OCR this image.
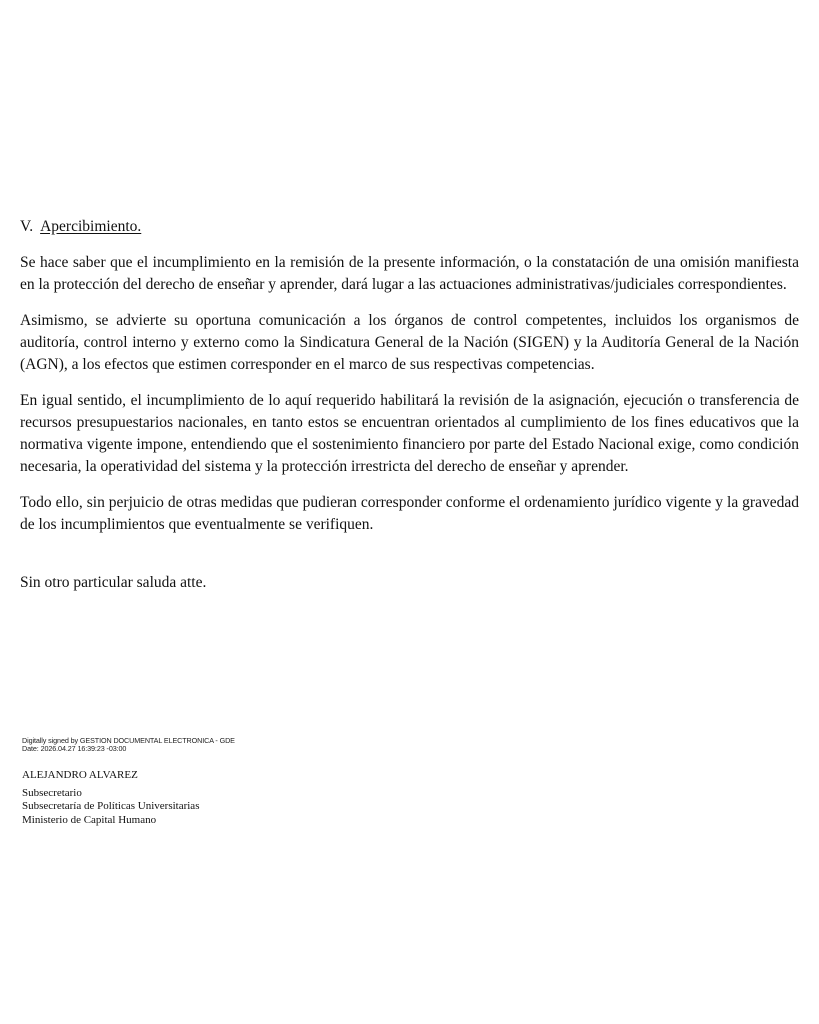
V. Apercibimiento.

Se hace saber que el incumplimiento en la remisión de la presente información, o la constatación de una omisión manifiesta en la protección del derecho de enseñar y aprender, dará lugar a las actuaciones administrativas/judiciales correspondientes.

Asimismo, se advierte su oportuna comunicación a los órganos de control competentes, incluidos los organismos de auditoría, control interno y externo como la Sindicatura General de la Nación (SIGEN) y la Auditoría General de la Nación (AGN), a los efectos que estimen corresponder en el marco de sus respectivas competencias.

En igual sentido, el incumplimiento de lo aquí requerido habilitará la revisión de la asignación, ejecución o transferencia de recursos presupuestarios nacionales, en tanto estos se encuentran orientados al cumplimiento de los fines educativos que la normativa vigente impone, entendiendo que el sostenimiento financiero por parte del Estado Nacional exige, como condición necesaria, la operatividad del sistema y la protección irrestricta del derecho de enseñar y aprender.

Todo ello, sin perjuicio de otras medidas que pudieran corresponder conforme el ordenamiento jurídico vigente y la gravedad de los incumplimientos que eventualmente se verifiquen.

Sin otro particular saluda atte.

Digitally signed by GESTION DOCUMENTAL ELECTRONICA - GDE
Date: 2026.04.27 16:39:23 -03:00
ALEJANDRO ALVAREZ
Subsecretario
Subsecretaría de Políticas Universitarias
Ministerio de Capital Humano
